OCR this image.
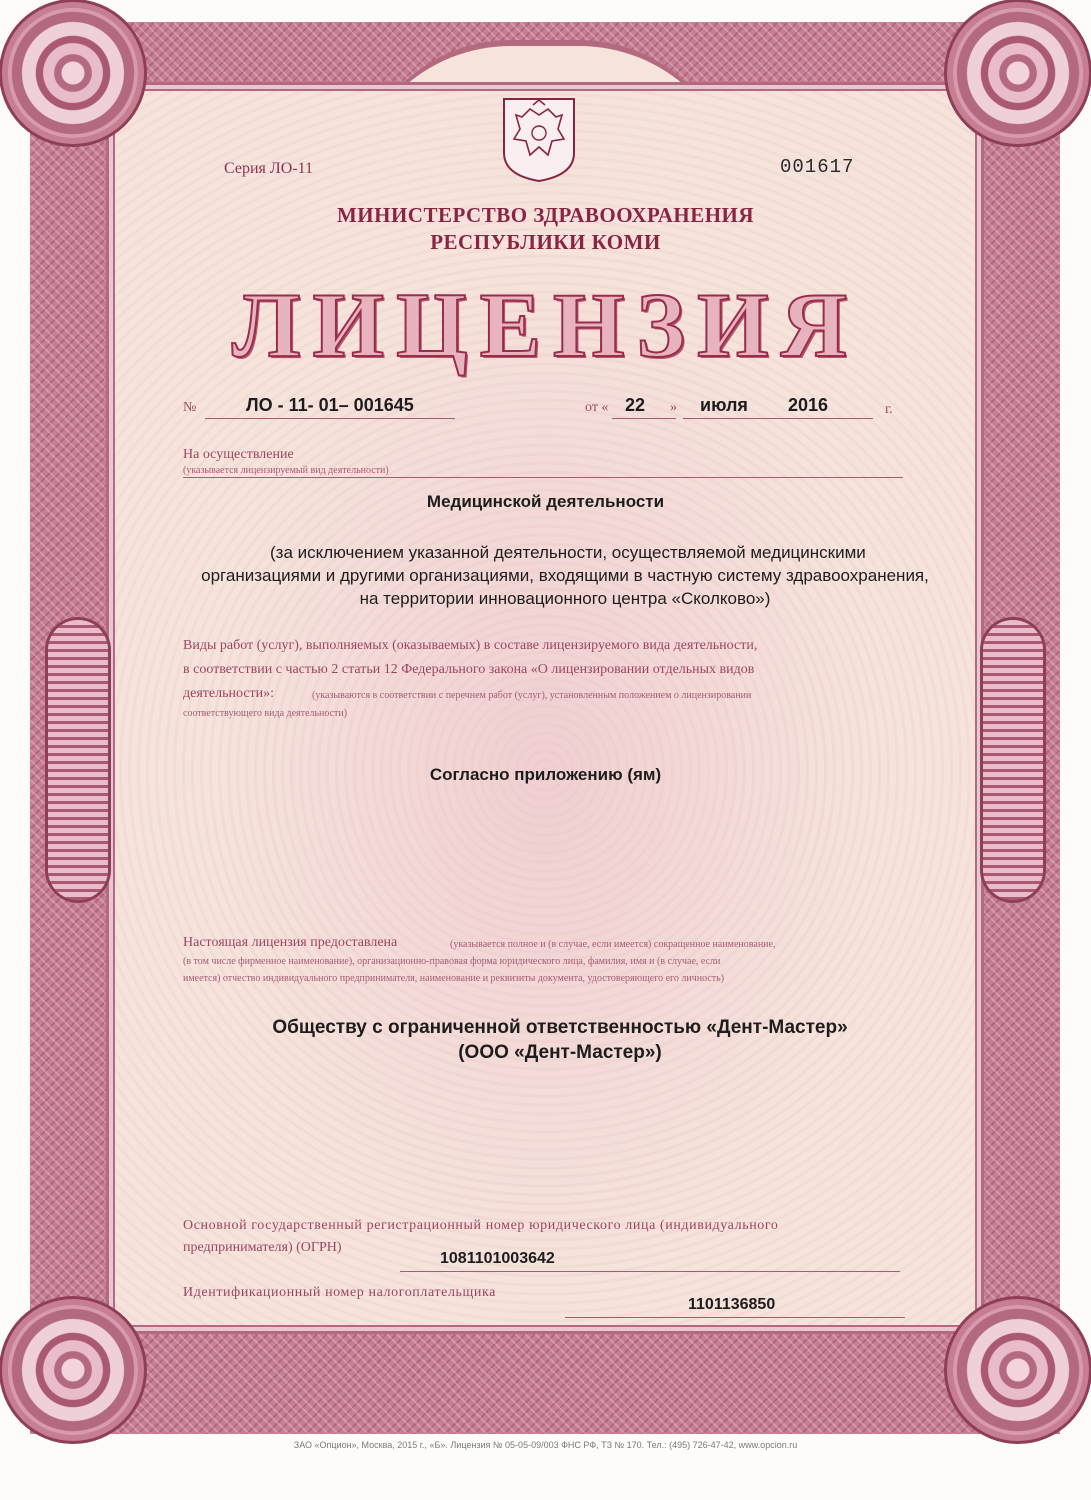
Серия ЛО-11	001617
МИНИСТЕРСТВО ЗДРАВООХРАНЕНИЯ
РЕСПУБЛИКИ КОМИ
ЛИЦЕНЗИЯ
№	ЛО - 11- 01– 001645	от « 22 » июля 2016	г.
На осуществление
(указывается лицензируемый вид деятельности)
Медицинской деятельности
(за исключением указанной деятельности, осуществляемой медицинскими
организациями и другими организациями, входящими в частную систему здравоохранения,
на территории инновационного центра «Сколково»)
Виды работ (услуг), выполняемых (оказываемых) в составе лицензируемого вида деятельности,
в соответствии с частью 2 статьи 12 Федерального закона «О лицензировании отдельных видов
деятельности»:	(указываются в соответствии с перечнем работ (услуг), установленным положением о лицензировании
соответствующего вида деятельности)
Согласно приложению (ям)
Настоящая лицензия предоставлена	(указывается полное и (в случае, если имеется) сокращенное наименование,
(в том числе фирменное наименование), организационно-правовая форма юридического лица, фамилия, имя и (в случае, если
имеется) отчество индивидуального предпринимателя, наименование и реквизиты документа, удостоверяющего его личность)
Обществу с ограниченной ответственностью «Дент-Мастер»
(ООО «Дент-Мастер»)
Основной государственный регистрационный номер юридического лица (индивидуального
предпринимателя) (ОГРН)
1081101003642
Идентификационный номер налогоплательщика
1101136850
ЗАО «Опцион», Москва, 2015 г., «Б». Лицензия № 05-05-09/003 ФНС РФ, ТЗ № 170. Тел.: (495) 726-47-42, www.opcion.ru
